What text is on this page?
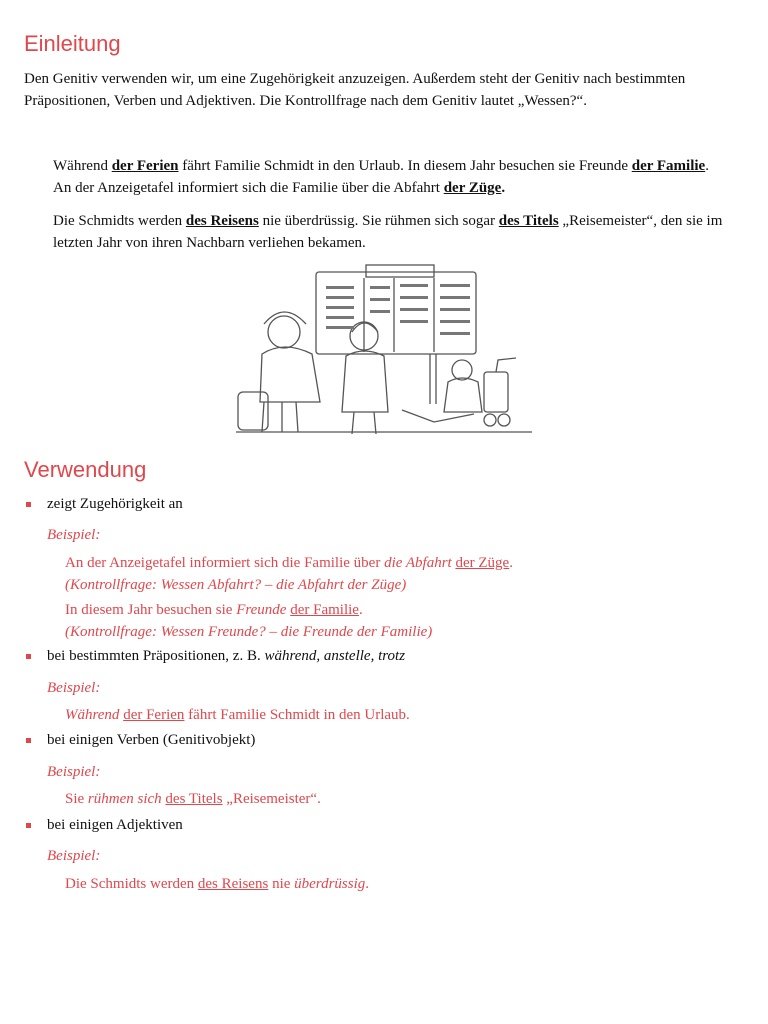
Einleitung

Den Genitiv verwenden wir, um eine Zugehörigkeit anzuzeigen. Außerdem steht der Genitiv nach bestimmten Präpositionen, Verben und Adjektiven. Die Kontrollfrage nach dem Genitiv lautet „Wessen?“.

Während der Ferien fährt Familie Schmidt in den Urlaub. In diesem Jahr besuchen sie Freunde der Familie.
An der Anzeigetafel informiert sich die Familie über die Abfahrt der Züge.

Die Schmidts werden des Reisens nie überdrüssig. Sie rühmen sich sogar des Titels „Reisemeister“, den sie im
letzten Jahr von ihren Nachbarn verliehen bekamen.

Verwendung

zeigt Zugehörigkeit an

Beispiel:

An der Anzeigetafel informiert sich die Familie über die Abfahrt der Züge.
(Kontrollfrage: Wessen Abfahrt? – die Abfahrt der Züge)

In diesem Jahr besuchen sie Freunde der Familie.
(Kontrollfrage: Wessen Freunde? – die Freunde der Familie)

bei bestimmten Präpositionen, z. B. während, anstelle, trotz

Beispiel:

Während der Ferien fährt Familie Schmidt in den Urlaub.

bei einigen Verben (Genitivobjekt)

Beispiel:

Sie rühmen sich des Titels „Reisemeister“.

bei einigen Adjektiven

Beispiel:

Die Schmidts werden des Reisens nie überdrüssig.
